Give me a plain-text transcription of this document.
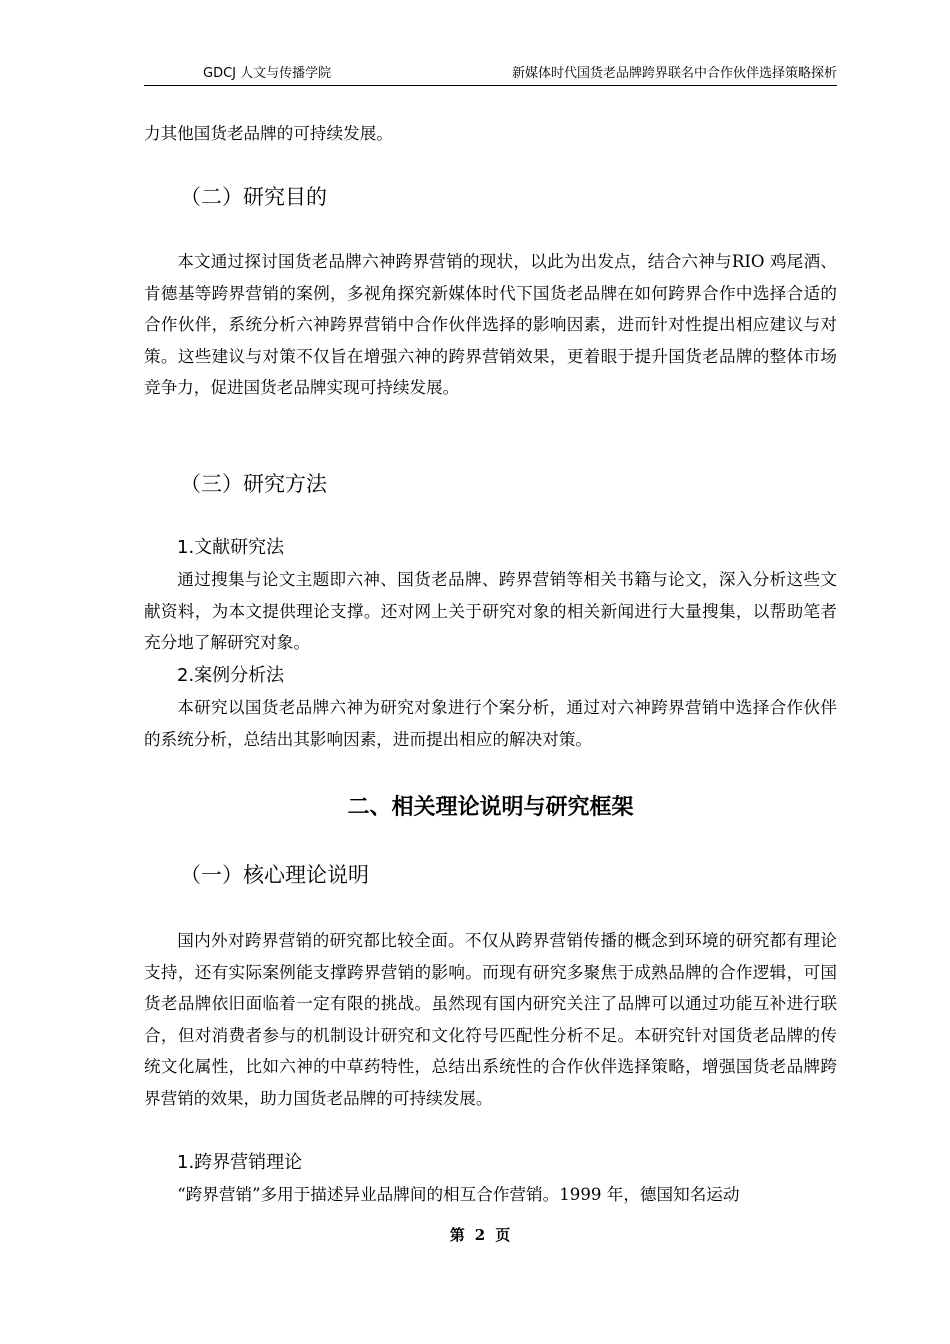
GDCJ 人文与传播学院	新媒体时代国货老品牌跨界联名中合作伙伴选择策略探析

力其他国货老品牌的可持续发展。

（二）研究目的

本文通过探讨国货老品牌六神跨界营销的现状，以此为出发点，结合六神与RIO 鸡尾酒、肯德基等跨界营销的案例，多视角探究新媒体时代下国货老品牌在如何跨界合作中选择合适的合作伙伴，系统分析六神跨界营销中合作伙伴选择的影响因素，进而针对性提出相应建议与对策。这些建议与对策不仅旨在增强六神的跨界营销效果，更着眼于提升国货老品牌的整体市场竞争力，促进国货老品牌实现可持续发展。

（三）研究方法
1.文献研究法

通过搜集与论文主题即六神、国货老品牌、跨界营销等相关书籍与论文，深入分析这些文献资料，为本文提供理论支撑。还对网上关于研究对象的相关新闻进行大量搜集，以帮助笔者充分地了解研究对象。

2.案例分析法

本研究以国货老品牌六神为研究对象进行个案分析，通过对六神跨界营销中选择合作伙伴的系统分析，总结出其影响因素，进而提出相应的解决对策。

二、相关理论说明与研究框架
（一）核心理论说明

国内外对跨界营销的研究都比较全面。不仅从跨界营销传播的概念到环境的研究都有理论支持，还有实际案例能支撑跨界营销的影响。而现有研究多聚焦于成熟品牌的合作逻辑，可国货老品牌依旧面临着一定有限的挑战。虽然现有国内研究关注了品牌可以通过功能互补进行联合，但对消费者参与的机制设计研究和文化符号匹配性分析不足。本研究针对国货老品牌的传统文化属性，比如六神的中草药特性，总结出系统性的合作伙伴选择策略，增强国货老品牌跨界营销的效果，助力国货老品牌的可持续发展。

1.跨界营销理论

“跨界营销”多用于描述异业品牌间的相互合作营销。1999 年，德国知名运动

第 2 页
